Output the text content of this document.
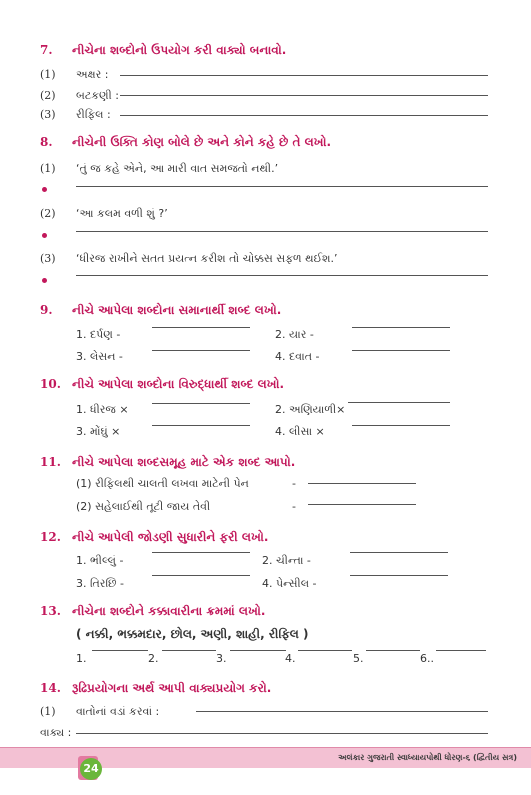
7. નીચેના શબ્દોનો ઉપયોગ કરી વાક્યો બનાવો.
(1) અક્ષર :
(2) બટકણી :
(3) રીફિલ :
8. નીચેની ઉક્તિ કોણ બોલે છે અને કોને કહે છે તે લખો.
(1) ‘તું જ કહે એને, આ મારી વાત સમજતો નથી.’
(2) ‘આ કલમ વળી શું ?’
(3) ‘ધીરજ રાખીને સતત પ્રયત્ન કરીશ તો ચોક્કસ સફળ થઈશ.’
9. નીચે આપેલા શબ્દોના સમાનાર્થી શબ્દ લખો.
1. દર્પણ -	2. યાર -
3. લેસન -	4. દવાત -
10. નીચે આપેલા શબ્દોના વિરુદ્ધાર્થી શબ્દ લખો.
1. ધીરજ ×	2. અણિયાળી×
3. મોંઘું ×	4. લીસા ×
11. નીચે આપેલા શબ્દસમૂહ માટે એક શબ્દ આપો.
(1) રીફિલથી ચાલતી લખવા માટેની પેન	-
(2) સહેલાઈથી તૂટી જાય તેવી	-
12. નીચે આપેલી જોડણી સુધારીને ફરી લખો.
1. ભીલ્લું -	2. ચીન્તા -
3. તિરછિ -	4. પેન્સીલ -
13. નીચેના શબ્દોને કક્કાવારીના ક્રમમાં લખો.
( નક્કી, ભક્કમદાર, છોલ, અણી, શાહી, રીફિલ )
1.	2.	3.	4.	5.	6..
14. રૂઢિપ્રયોગના અર્થ આપી વાક્યપ્રયોગ કરો.
(1) વાતોનાં વડાં કરવાં :
વાક્ય :
24
અલંકાર ગુજરાતી સ્વાધ્યાયપોથી ધોરણ-૬ (દ્વિતીય સત્ર)
